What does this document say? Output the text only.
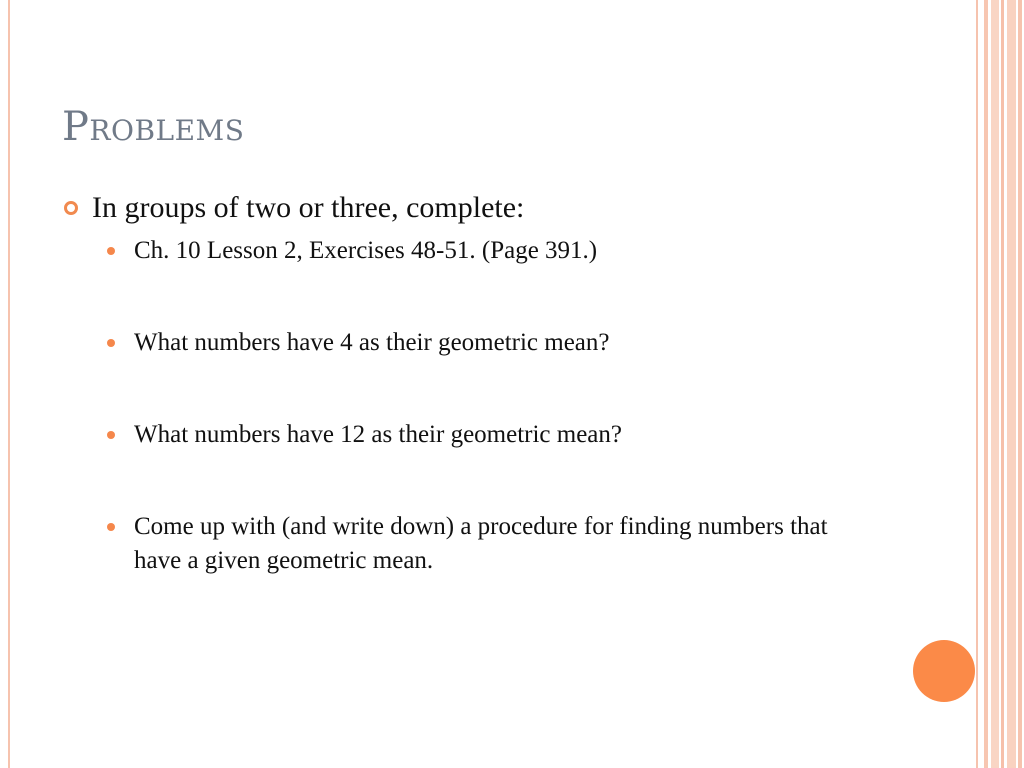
Problems
In groups of two or three, complete:
Ch. 10 Lesson 2, Exercises 48-51. (Page 391.)
What numbers have 4 as their geometric mean?
What numbers have 12 as their geometric mean?
Come up with (and write down) a procedure for finding numbers that have a given geometric mean.
